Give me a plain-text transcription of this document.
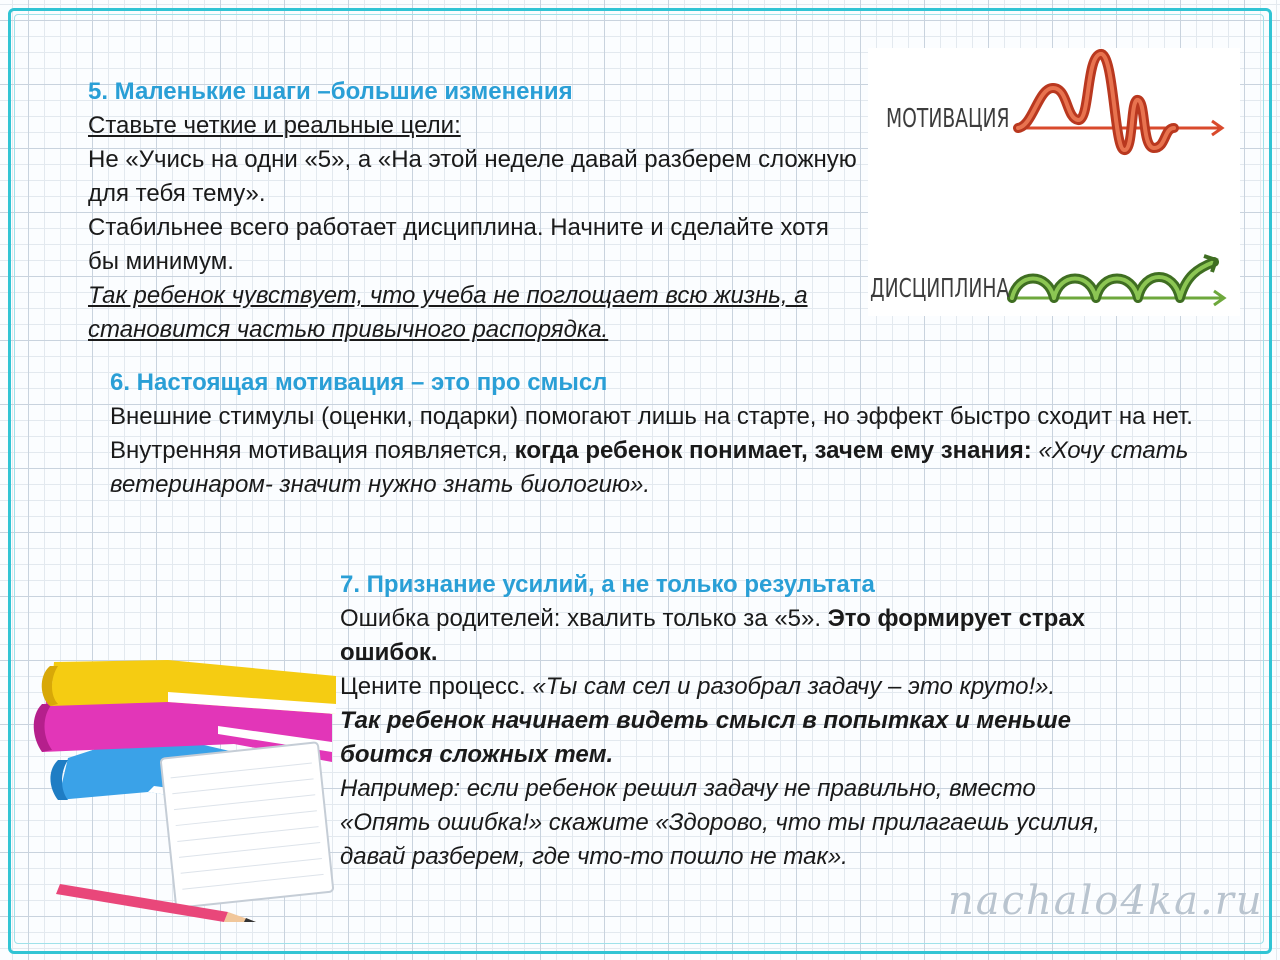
5. Маленькие шаги –большие изменения

Ставьте четкие и реальные цели:

Не «Учись на одни «5», а «На этой неделе давай разберем сложную для тебя тему».

Стабильнее всего работает дисциплина. Начните и сделайте хотя бы минимум.

Так ребенок чувствует, что учеба не поглощает всю жизнь, а становится частью привычного распорядка.

МОТИВАЦИЯ
ДИСЦИПЛИНА

6. Настоящая мотивация – это про смысл

Внешние стимулы (оценки, подарки) помогают лишь на старте, но эффект быстро сходит на нет.

Внутренняя мотивация появляется, когда ребенок понимает, зачем ему знания: «Хочу стать ветеринаром- значит нужно знать биологию».

7. Признание усилий, а не только результата

Ошибка родителей: хвалить только за «5». Это формирует страх ошибок.

Цените процесс. «Ты сам сел и разобрал задачу – это круто!».

Так ребенок начинает видеть смысл в попытках и меньше боится сложных тем.

Например: если ребенок решил задачу не правильно, вместо «Опять ошибка!» скажите «Здорово, что ты прилагаешь усилия, давай разберем, где что-то пошло не так».

nachalo4ka.ru
